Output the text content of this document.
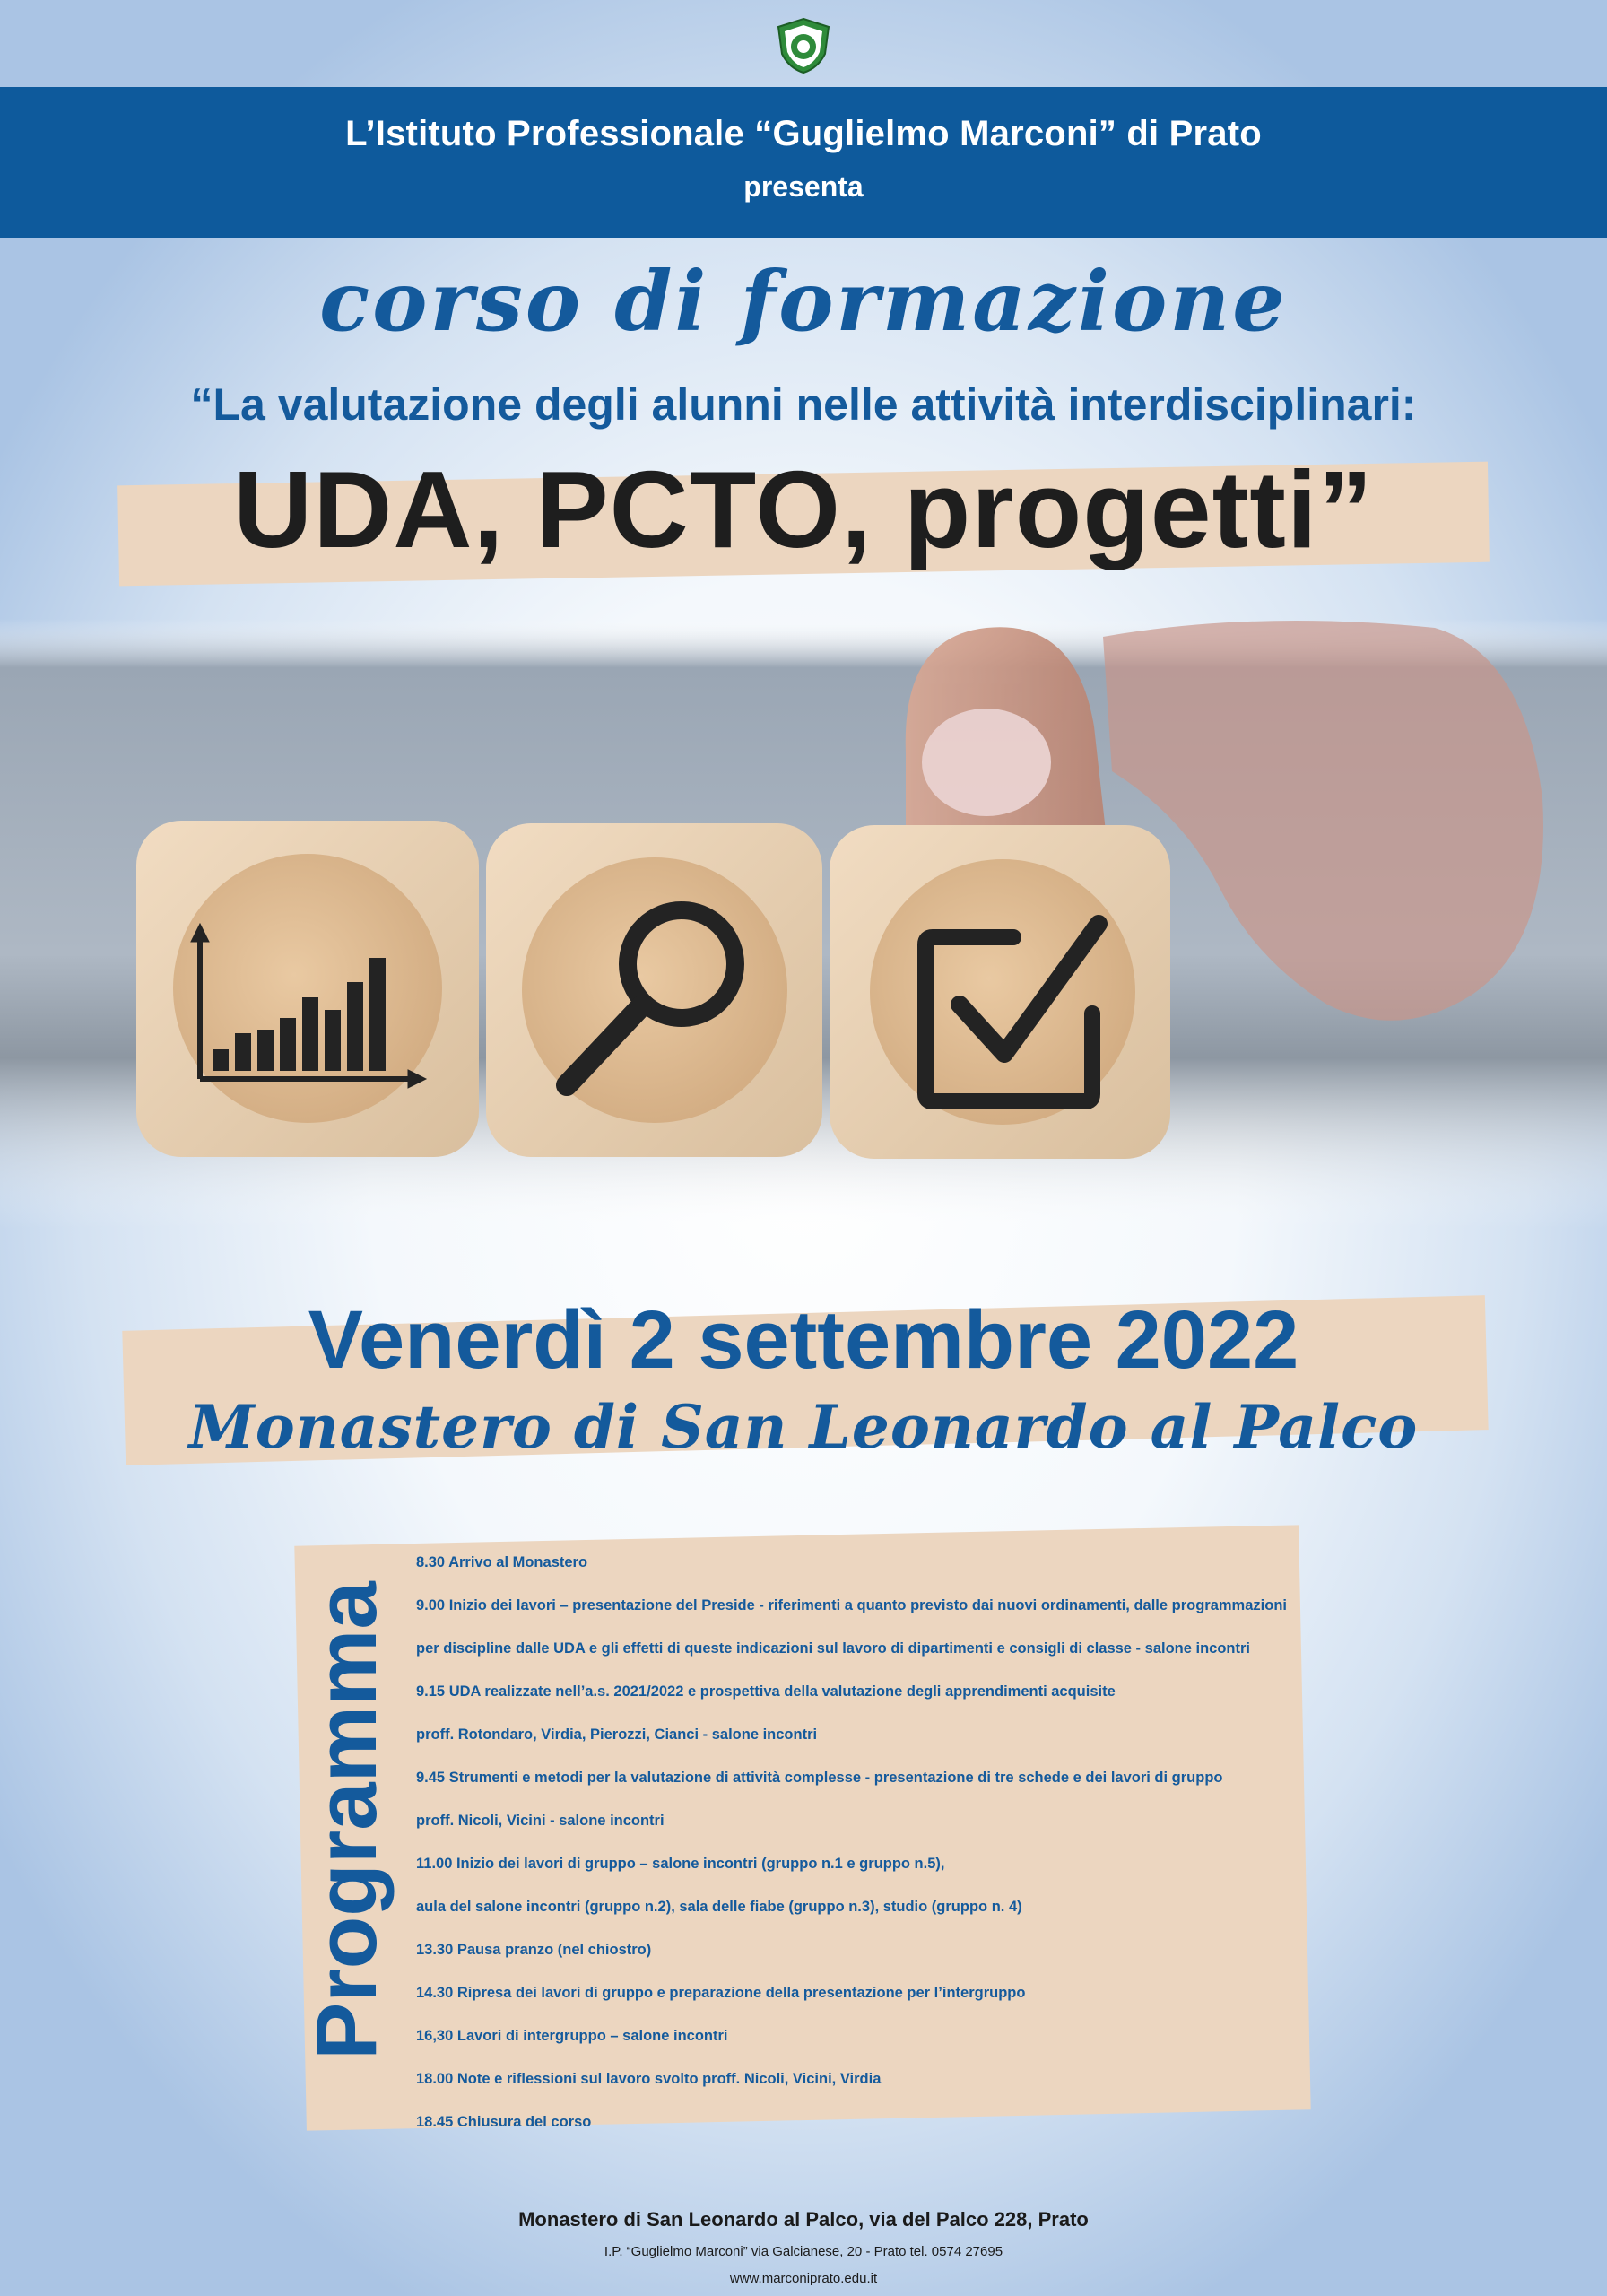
L’Istituto Professionale “Guglielmo Marconi” di Prato
presenta
corso di formazione
“La valutazione degli alunni nelle attività interdisciplinari:
UDA, PCTO, progetti”
Venerdì 2 settembre 2022
Monastero di San Leonardo al Palco
Programma
8.30 Arrivo al Monastero
9.00 Inizio dei lavori – presentazione del Preside - riferimenti a quanto previsto dai nuovi ordinamenti, dalle programmazioni
per discipline dalle UDA e gli effetti di queste indicazioni sul lavoro di dipartimenti e consigli di classe - salone incontri
9.15 UDA realizzate nell’a.s. 2021/2022 e prospettiva della valutazione degli apprendimenti acquisite
proff. Rotondaro, Virdia, Pierozzi, Cianci - salone incontri
9.45 Strumenti e metodi per la valutazione di attività complesse - presentazione di tre schede e dei lavori di gruppo
proff. Nicoli, Vicini - salone incontri
11.00 Inizio dei lavori di gruppo – salone incontri (gruppo n.1 e gruppo n.5),
aula del salone incontri (gruppo n.2), sala delle fiabe (gruppo n.3), studio (gruppo n. 4)
13.30 Pausa pranzo (nel chiostro)
14.30 Ripresa dei lavori di gruppo e preparazione della presentazione per l’intergruppo
16,30 Lavori di intergruppo – salone incontri
18.00 Note e riflessioni sul lavoro svolto proff. Nicoli, Vicini, Virdia
18.45 Chiusura del corso
Monastero di San Leonardo al Palco, via del Palco 228, Prato
I.P. “Guglielmo Marconi” via Galcianese, 20 - Prato tel. 0574 27695
www.marconiprato.edu.it
